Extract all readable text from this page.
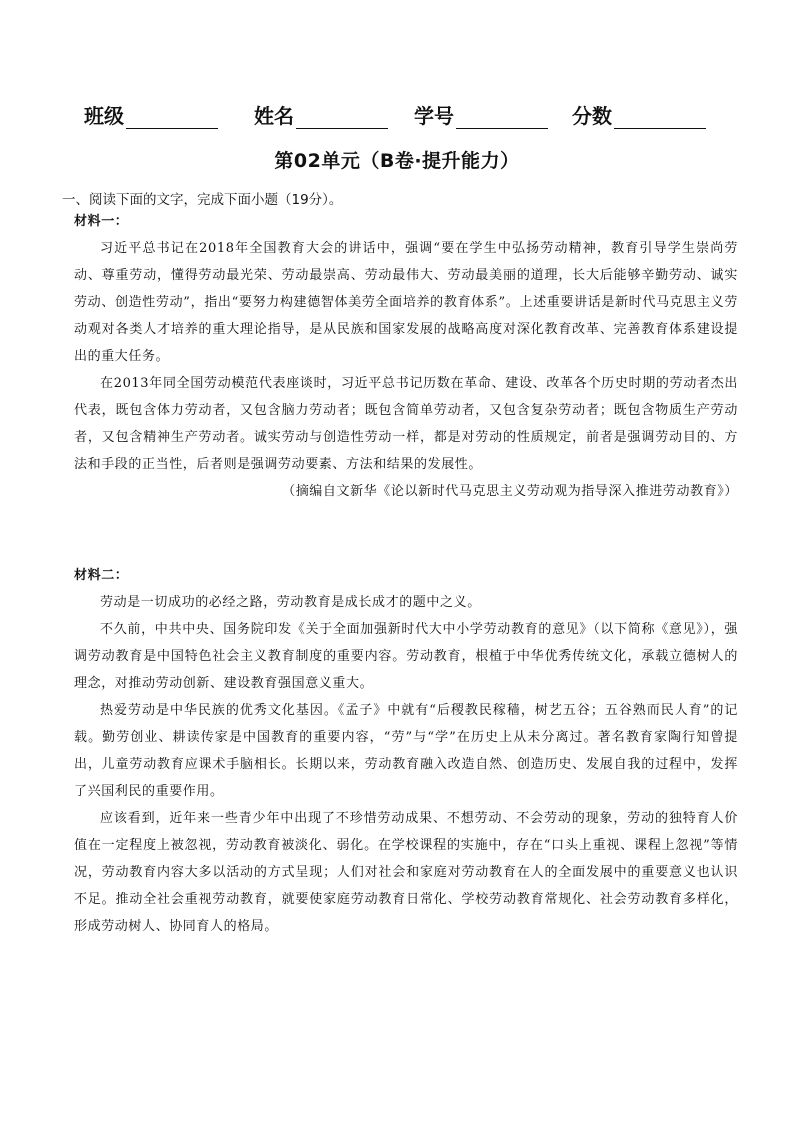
班级	姓名	学号	分数
第02单元（B卷·提升能力）
一、阅读下面的文字，完成下面小题（19分）。
材料一：

习近平总书记在2018年全国教育大会的讲话中，强调“要在学生中弘扬劳动精神，教育引导学生崇尚劳动、尊重劳动，懂得劳动最光荣、劳动最崇高、劳动最伟大、劳动最美丽的道理，长大后能够辛勤劳动、诚实劳动、创造性劳动”，指出“要努力构建德智体美劳全面培养的教育体系”。上述重要讲话是新时代马克思主义劳动观对各类人才培养的重大理论指导，是从民族和国家发展的战略高度对深化教育改革、完善教育体系建设提出的重大任务。

在2013年同全国劳动模范代表座谈时，习近平总书记历数在革命、建设、改革各个历史时期的劳动者杰出代表，既包含体力劳动者，又包含脑力劳动者；既包含简单劳动者，又包含复杂劳动者；既包含物质生产劳动者，又包含精神生产劳动者。诚实劳动与创造性劳动一样，都是对劳动的性质规定，前者是强调劳动目的、方法和手段的正当性，后者则是强调劳动要素、方法和结果的发展性。

（摘编自文新华《论以新时代马克思主义劳动观为指导深入推进劳动教育》）

材料二：

劳动是一切成功的必经之路，劳动教育是成长成才的题中之义。

不久前，中共中央、国务院印发《关于全面加强新时代大中小学劳动教育的意见》（以下简称《意见》），强调劳动教育是中国特色社会主义教育制度的重要内容。劳动教育，根植于中华优秀传统文化，承载立德树人的理念，对推动劳动创新、建设教育强国意义重大。

热爱劳动是中华民族的优秀文化基因。《孟子》中就有“后稷教民稼穑，树艺五谷；五谷熟而民人育”的记载。勤劳创业、耕读传家是中国教育的重要内容，“劳”与“学”在历史上从未分离过。著名教育家陶行知曾提出，儿童劳动教育应课术手脑相长。长期以来，劳动教育融入改造自然、创造历史、发展自我的过程中，发挥了兴国利民的重要作用。

应该看到，近年来一些青少年中出现了不珍惜劳动成果、不想劳动、不会劳动的现象，劳动的独特育人价值在一定程度上被忽视，劳动教育被淡化、弱化。在学校课程的实施中，存在“口头上重视、课程上忽视”等情况，劳动教育内容大多以活动的方式呈现；人们对社会和家庭对劳动教育在人的全面发展中的重要意义也认识不足。推动全社会重视劳动教育，就要使家庭劳动教育日常化、学校劳动教育常规化、社会劳动教育多样化，形成劳动树人、协同育人的格局。
